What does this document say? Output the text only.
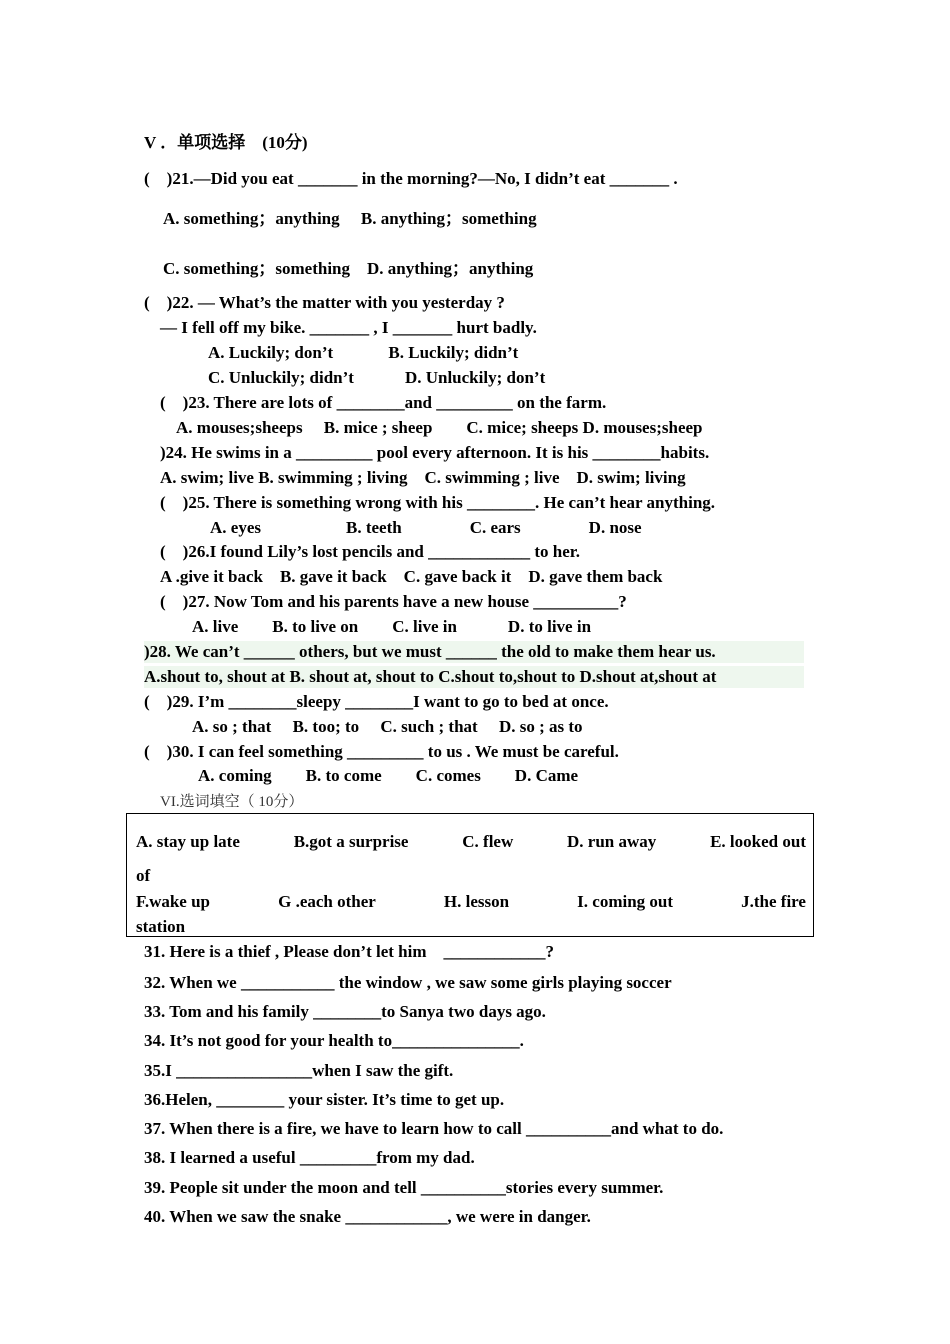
V ．单项选择　(10分)
(　)21.—Did you eat _______ in the morning?—No, I didn’t eat _______ .
A. something；anything　 B. anything；something
C. something；something　D. anything；anything
(　)22. — What’s the matter with you yesterday ?
— I fell off my bike. _______ , I _______ hurt badly.
A. Luckily; don’t　　　 B. Luckily; didn’t
C. Unluckily; didn’t　　　D. Unluckily; don’t
(　)23. There are lots of ________and _________ on the farm.
A. mouses;sheeps　 B. mice ; sheep　　C. mice; sheeps D. mouses;sheep
)24. He swims in a _________ pool every afternoon. It is his ________habits.
A. swim; live B. swimming ; living　C. swimming ; live　D. swim; living
(　)25. There is something wrong with his ________. He can’t hear anything.
A. eyes　　　　　B. teeth　　　　C. ears　　　　D. nose
(　)26.I found Lily’s lost pencils and ____________ to her.
A .give it back　B. gave it back　C. gave back it　D. gave them back
(　)27. Now Tom and his parents have a new house __________?
A. live　　B. to live on　　C. live in　　　D. to live in
)28. We can’t ______ others, but we must ______ the old to make them hear us.
A.shout to, shout at B. shout at, shout to C.shout to,shout to D.shout at,shout at
(　)29. I’m ________sleepy ________I want to go to bed at once.
A. so ; that　 B. too; to　 C. such ; that　 D. so ; as to
(　)30. I can feel something _________ to us . We must be careful.
A. coming　　B. to come　　C. comes　　D. Came
VI.选词填空（ 10分）
A. stay up late	B.got a surprise	C. flew	D. run away	E. looked out
of
F.wake up	G .each other	H. lesson	I. coming out	J.the fire
station
31. Here is a thief , Please don’t let him　____________?
32. When we ___________ the window , we saw some girls playing soccer
33. Tom and his family ________to Sanya two days ago.
34. It’s not good for your health to_______________.
35.I ________________when I saw the gift.
36.Helen, ________ your sister. It’s time to get up.
37. When there is a fire, we have to learn how to call __________and what to do.
38. I learned a useful _________from my dad.
39. People sit under the moon and tell __________stories every summer.
40. When we saw the snake ____________, we were in danger.
